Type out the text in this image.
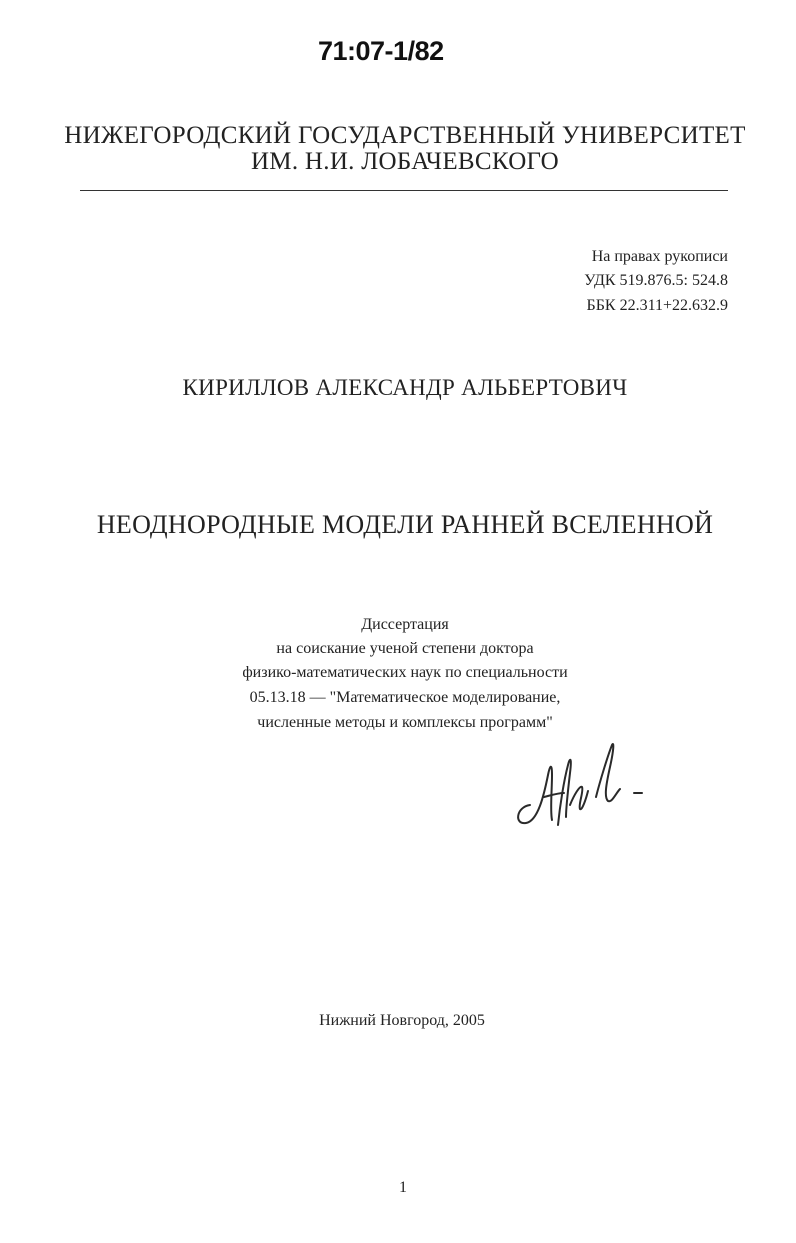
71:07-1/82
НИЖЕГОРОДСКИЙ ГОСУДАРСТВЕННЫЙ УНИВЕРСИТЕТ
ИМ. Н.И. ЛОБАЧЕВСКОГО
На правах рукописи
УДК 519.876.5: 524.8
ББК 22.311+22.632.9
КИРИЛЛОВ АЛЕКСАНДР АЛЬБЕРТОВИЧ
НЕОДНОРОДНЫЕ МОДЕЛИ РАННЕЙ ВСЕЛЕННОЙ
Диссертация
на соискание ученой степени доктора
физико-математических наук по специальности
05.13.18 — "Математическое моделирование,
численные методы и комплексы программ"
Нижний Новгород, 2005
1
